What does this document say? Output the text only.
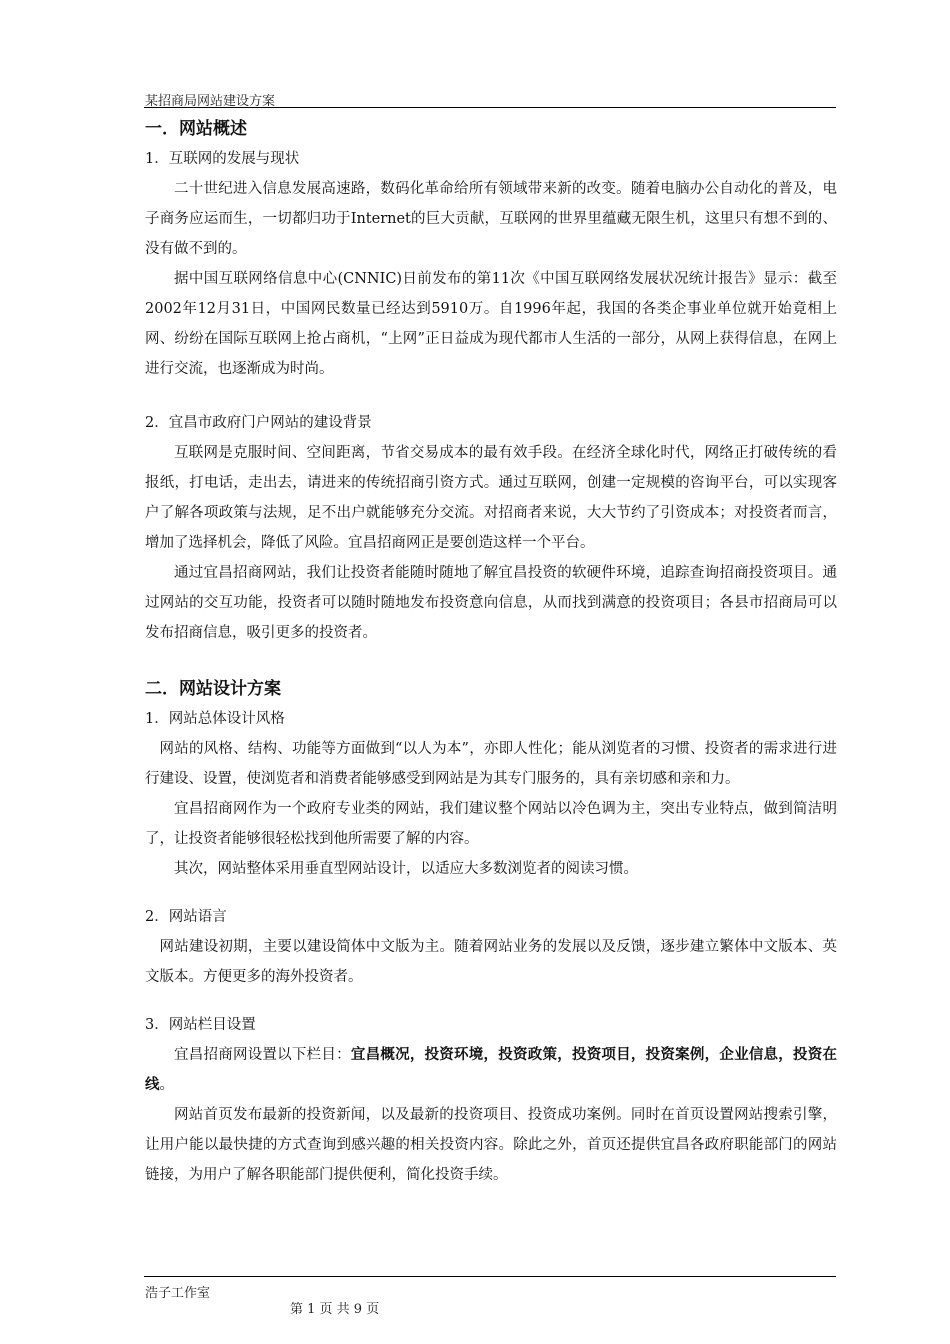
某招商局网站建设方案
一．网站概述
1．互联网的发展与现状

二十世纪进入信息发展高速路，数码化革命给所有领域带来新的改变。随着电脑办公自动化的普及，电子商务应运而生，一切都归功于Internet的巨大贡献，互联网的世界里蕴藏无限生机，这里只有想不到的、没有做不到的。

据中国互联网络信息中心(CNNIC)日前发布的第11次《中国互联网络发展状况统计报告》显示：截至2002年12月31日，中国网民数量已经达到5910万。自1996年起，我国的各类企事业单位就开始竟相上网、纷纷在国际互联网上抢占商机，“上网”正日益成为现代都市人生活的一部分，从网上获得信息，在网上进行交流，也逐渐成为时尚。

2．宜昌市政府门户网站的建设背景

互联网是克服时间、空间距离，节省交易成本的最有效手段。在经济全球化时代，网络正打破传统的看报纸，打电话，走出去，请进来的传统招商引资方式。通过互联网，创建一定规模的咨询平台，可以实现客户了解各项政策与法规，足不出户就能够充分交流。对招商者来说，大大节约了引资成本；对投资者而言，增加了选择机会，降低了风险。宜昌招商网正是要创造这样一个平台。

通过宜昌招商网站，我们让投资者能随时随地了解宜昌投资的软硬件环境，追踪查询招商投资项目。通过网站的交互功能，投资者可以随时随地发布投资意向信息，从而找到满意的投资项目；各县市招商局可以发布招商信息，吸引更多的投资者。

二．网站设计方案
1．网站总体设计风格

网站的风格、结构、功能等方面做到“以人为本”，亦即人性化；能从浏览者的习惯、投资者的需求进行进行建设、设置，使浏览者和消费者能够感受到网站是为其专门服务的，具有亲切感和亲和力。

宜昌招商网作为一个政府专业类的网站，我们建议整个网站以冷色调为主，突出专业特点，做到简洁明了，让投资者能够很轻松找到他所需要了解的内容。

其次，网站整体采用垂直型网站设计，以适应大多数浏览者的阅读习惯。

2．网站语言

网站建设初期，主要以建设简体中文版为主。随着网站业务的发展以及反馈，逐步建立繁体中文版本、英文版本。方便更多的海外投资者。

3．网站栏目设置

宜昌招商网设置以下栏目：宜昌概况，投资环境，投资政策，投资项目，投资案例，企业信息，投资在线。

网站首页发布最新的投资新闻，以及最新的投资项目、投资成功案例。同时在首页设置网站搜索引擎，让用户能以最快捷的方式查询到感兴趣的相关投资内容。除此之外，首页还提供宜昌各政府职能部门的网站链接，为用户了解各职能部门提供便利，简化投资手续。

浩子工作室
第 1 页 共 9 页
